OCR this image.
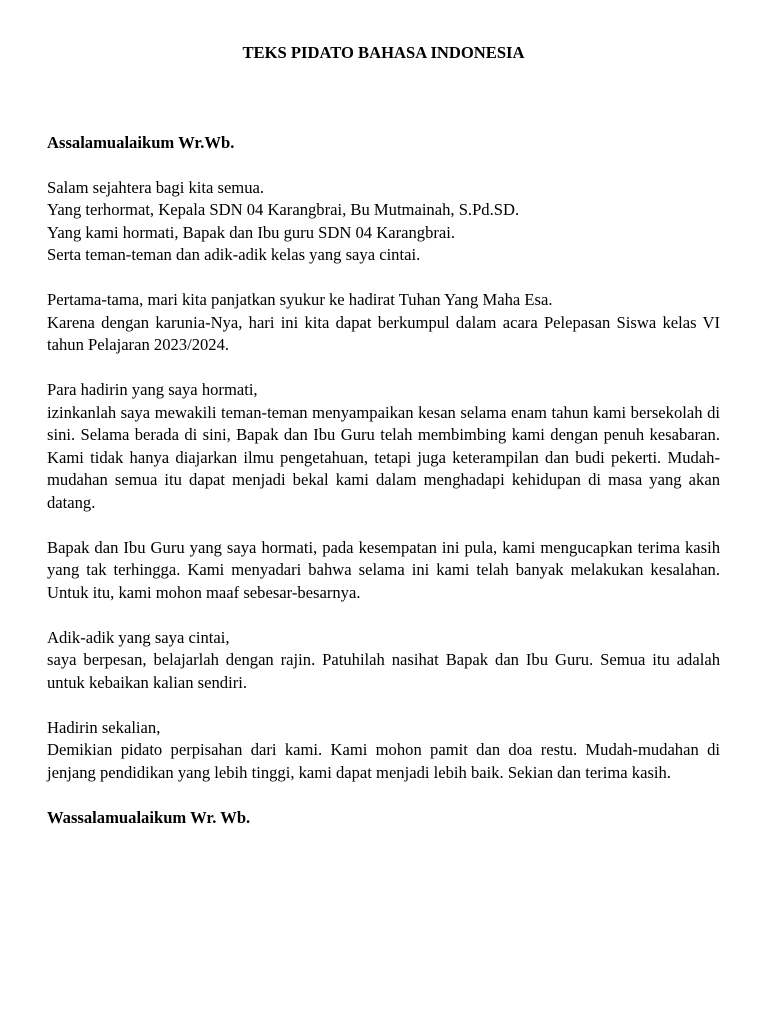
TEKS PIDATO BAHASA INDONESIA

Assalamualaikum Wr.Wb.

Salam sejahtera bagi kita semua.
Yang terhormat, Kepala SDN 04 Karangbrai, Bu Mutmainah, S.Pd.SD.
Yang kami hormati, Bapak dan Ibu guru SDN 04 Karangbrai.
Serta teman-teman dan adik-adik kelas yang saya cintai.
Pertama-tama, mari kita panjatkan syukur ke hadirat Tuhan Yang Maha Esa.
Karena dengan karunia-Nya, hari ini kita dapat berkumpul dalam acara Pelepasan Siswa kelas VI tahun Pelajaran 2023/2024.
Para hadirin yang saya hormati,
izinkanlah saya mewakili teman-teman menyampaikan kesan selama enam tahun kami bersekolah di sini. Selama berada di sini, Bapak dan Ibu Guru telah membimbing kami dengan penuh kesabaran. Kami tidak hanya diajarkan ilmu pengetahuan, tetapi juga keterampilan dan budi pekerti. Mudah-mudahan semua itu dapat menjadi bekal kami dalam menghadapi kehidupan di masa yang akan datang.
Bapak dan Ibu Guru yang saya hormati, pada kesempatan ini pula, kami mengucapkan terima kasih yang tak terhingga. Kami menyadari bahwa selama ini kami telah banyak melakukan kesalahan. Untuk itu, kami mohon maaf sebesar-besarnya.
Adik-adik yang saya cintai,
saya berpesan, belajarlah dengan rajin. Patuhilah nasihat Bapak dan Ibu Guru. Semua itu adalah untuk kebaikan kalian sendiri.
Hadirin sekalian,
Demikian pidato perpisahan dari kami. Kami mohon pamit dan doa restu. Mudah-mudahan di jenjang pendidikan yang lebih tinggi, kami dapat menjadi lebih baik. Sekian dan terima kasih.

Wassalamualaikum Wr. Wb.
